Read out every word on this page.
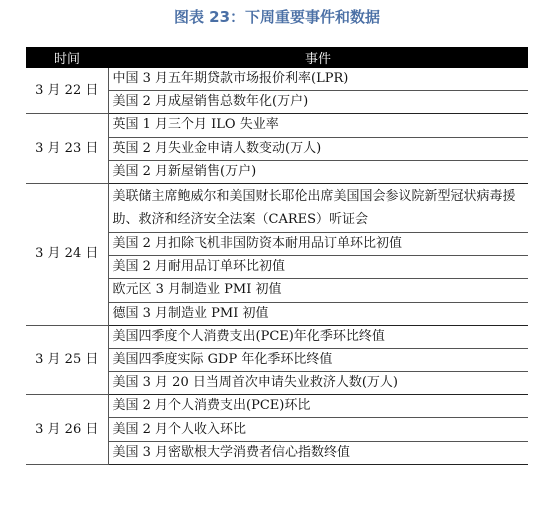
图表 23：下周重要事件和数据
时间	事件
3 月 22 日	中国 3 月五年期贷款市场报价利率(LPR)
	美国 2 月成屋销售总数年化(万户)
3 月 23 日	英国 1 月三个月 ILO 失业率
	英国 2 月失业金申请人数变动(万人)
	美国 2 月新屋销售(万户)
3 月 24 日	美联储主席鲍威尔和美国财长耶伦出席美国国会参议院新型冠状病毒援助、救济和经济安全法案（CARES）听证会
	美国 2 月扣除飞机非国防资本耐用品订单环比初值
	美国 2 月耐用品订单环比初值
	欧元区 3 月制造业 PMI 初值
	德国 3 月制造业 PMI 初值
3 月 25 日	美国四季度个人消费支出(PCE)年化季环比终值
	美国四季度实际 GDP 年化季环比终值
	美国 3 月 20 日当周首次申请失业救济人数(万人)
3 月 26 日	美国 2 月个人消费支出(PCE)环比
	美国 2 月个人收入环比
	美国 3 月密歇根大学消费者信心指数终值
